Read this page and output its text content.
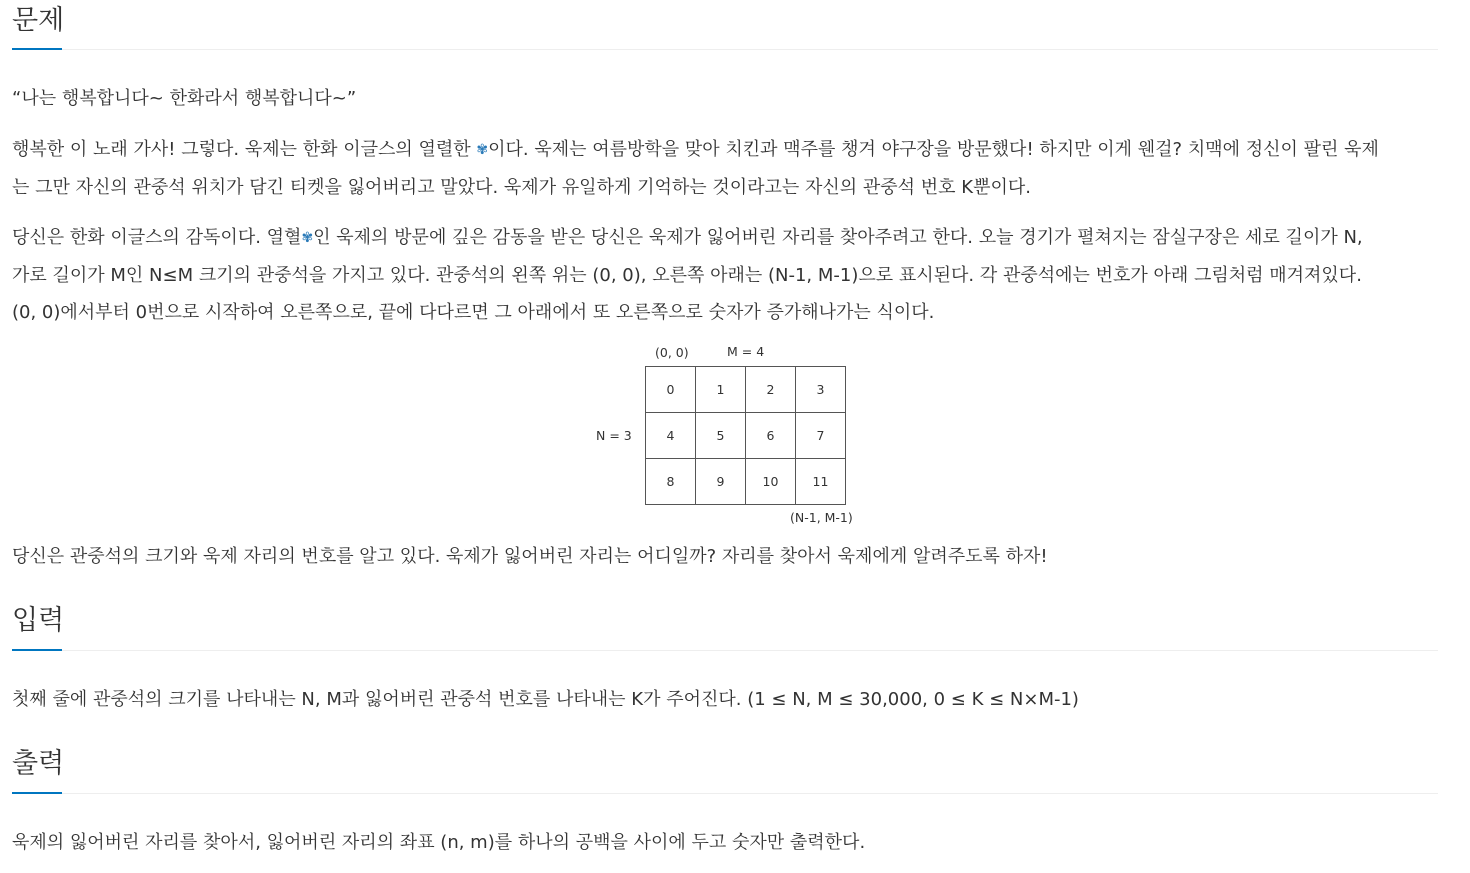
문제

“나는 행복합니다~ 한화라서 행복합니다~”

행복한 이 노래 가사! 그렇다. 욱제는 한화 이글스의 열렬한 ✾이다. 욱제는 여름방학을 맞아 치킨과 맥주를 챙겨 야구장을 방문했다! 하지만 이게 웬걸? 치맥에 정신이 팔린 욱제
는 그만 자신의 관중석 위치가 담긴 티켓을 잃어버리고 말았다. 욱제가 유일하게 기억하는 것이라고는 자신의 관중석 번호 K뿐이다.

당신은 한화 이글스의 감독이다. 열혈✾인 욱제의 방문에 깊은 감동을 받은 당신은 욱제가 잃어버린 자리를 찾아주려고 한다. 오늘 경기가 펼쳐지는 잠실구장은 세로 길이가 N,
가로 길이가 M인 N≤M 크기의 관중석을 가지고 있다. 관중석의 왼쪽 위는 (0, 0), 오른쪽 아래는 (N-1, M-1)으로 표시된다. 각 관중석에는 번호가 아래 그림처럼 매겨져있다.
(0, 0)에서부터 0번으로 시작하여 오른쪽으로, 끝에 다다르면 그 아래에서 또 오른쪽으로 숫자가 증가해나가는 식이다.

(0, 0)	M = 4
N = 3
0	1	2	3
4	5	6	7
8	9	10	11
(N-1, M-1)

당신은 관중석의 크기와 욱제 자리의 번호를 알고 있다. 욱제가 잃어버린 자리는 어디일까? 자리를 찾아서 욱제에게 알려주도록 하자!

입력

첫째 줄에 관중석의 크기를 나타내는 N, M과 잃어버린 관중석 번호를 나타내는 K가 주어진다. (1 ≤ N, M ≤ 30,000, 0 ≤ K ≤ N×M-1)

출력

욱제의 잃어버린 자리를 찾아서, 잃어버린 자리의 좌표 (n, m)를 하나의 공백을 사이에 두고 숫자만 출력한다.
